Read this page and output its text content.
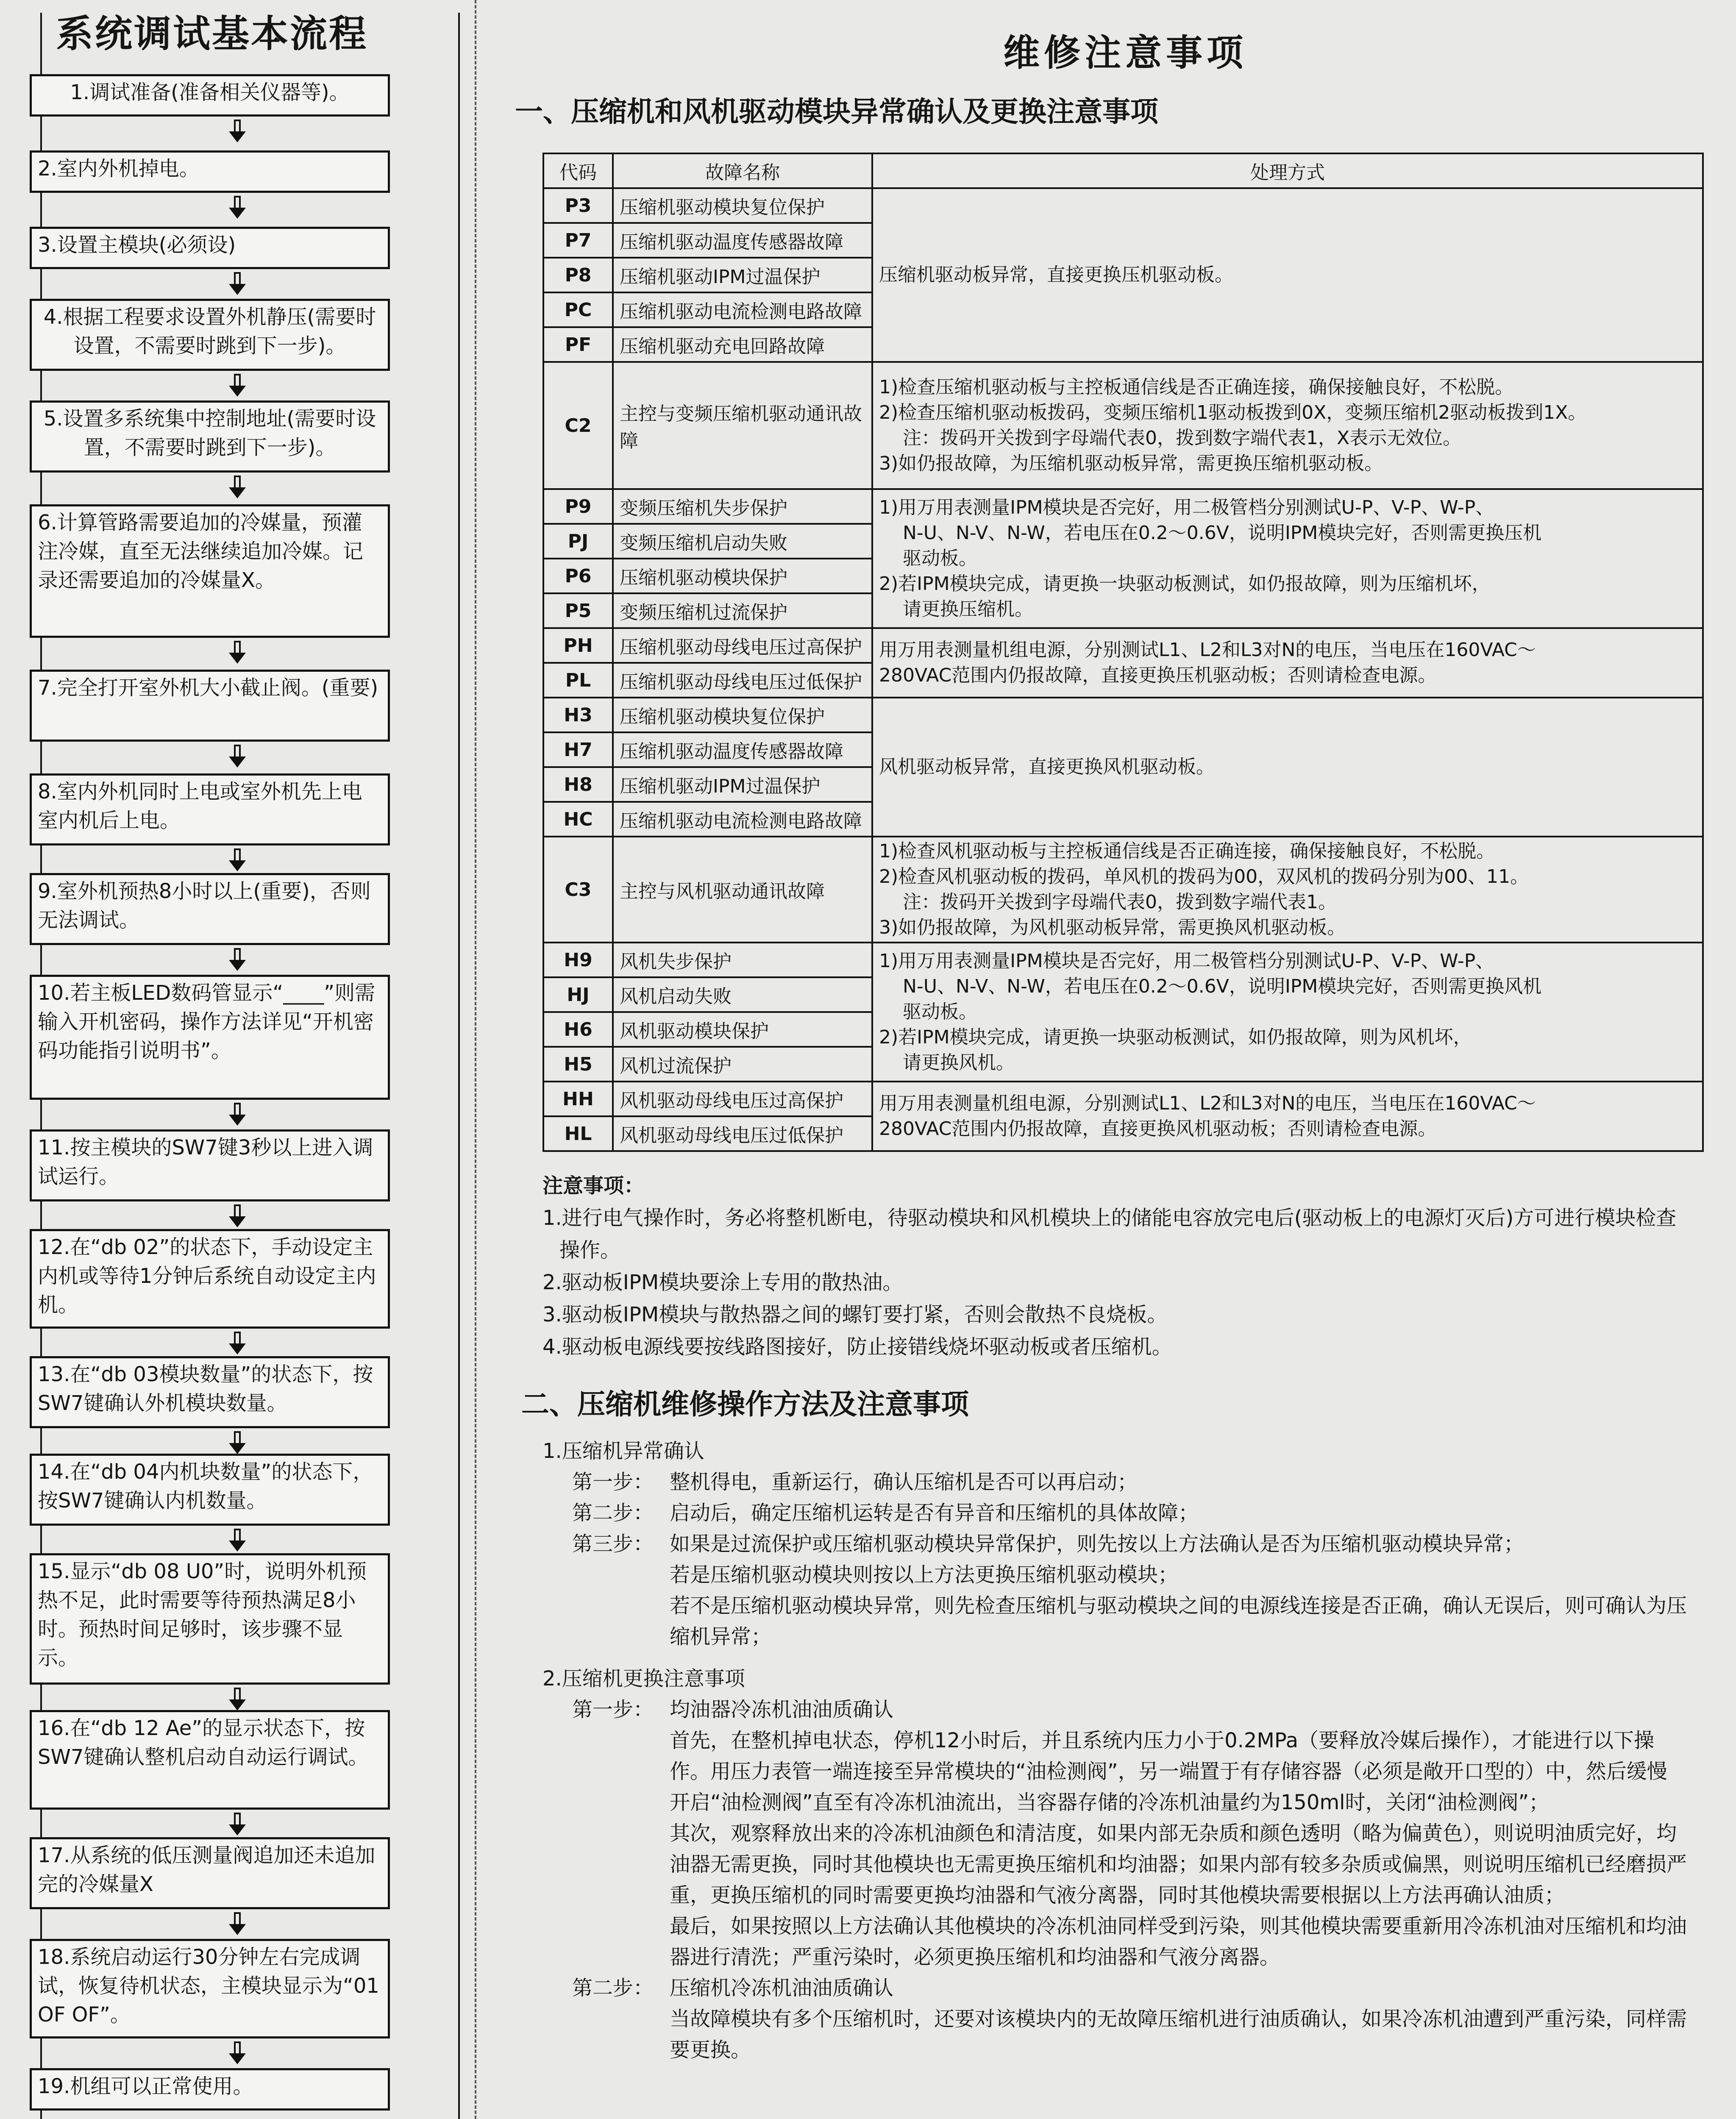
系统调试基本流程
1.调试准备(准备相关仪器等)。
2.室内外机掉电。
3.设置主模块(必须设)
4.根据工程要求设置外机静压(需要时设置，不需要时跳到下一步)。
5.设置多系统集中控制地址(需要时设置，不需要时跳到下一步)。
6.计算管路需要追加的冷媒量，预灌注冷媒，直至无法继续追加冷媒。记录还需要追加的冷媒量X。
7.完全打开室外机大小截止阀。(重要)
8.室内外机同时上电或室外机先上电室内机后上电。
9.室外机预热8小时以上(重要)，否则无法调试。
10.若主板LED数码管显示“____”则需输入开机密码，操作方法详见“开机密码功能指引说明书”。
11.按主模块的SW7键3秒以上进入调试运行。
12.在“db 02”的状态下，手动设定主内机或等待1分钟后系统自动设定主内机。
13.在“db 03模块数量”的状态下，按SW7键确认外机模块数量。
14.在“db 04内机块数量”的状态下，按SW7键确认内机数量。
15.显示“db 08 U0”时，说明外机预热不足，此时需要等待预热满足8小时。预热时间足够时，该步骤不显示。
16.在“db 12 Ae”的显示状态下，按SW7键确认整机启动自动运行调试。
17.从系统的低压测量阀追加还未追加完的冷媒量X
18.系统启动运行30分钟左右完成调试，恢复待机状态，主模块显示为“01 OF OF”。
19.机组可以正常使用。
维修注意事项
一、压缩机和风机驱动模块异常确认及更换注意事项
代码	故障名称	处理方式
P3	压缩机驱动模块复位保护	压缩机驱动板异常，直接更换压机驱动板。
P7	压缩机驱动温度传感器故障	
P8	压缩机驱动IPM过温保护	
PC	压缩机驱动电流检测电路故障	
PF	压缩机驱动充电回路故障	
C2	主控与变频压缩机驱动通讯故障	1)检查压缩机驱动板与主控板通信线是否正确连接，确保接触良好，不松脱。
2)检查压缩机驱动板拨码，变频压缩机1驱动板拨到0X，变频压缩机2驱动板拨到1X。
注：拨码开关拨到字母端代表0，拨到数字端代表1，X表示无效位。
3)如仍报故障，为压缩机驱动板异常，需更换压缩机驱动板。
P9	变频压缩机失步保护	1)用万用表测量IPM模块是否完好，用二极管档分别测试U-P、V-P、W-P、
N-U、N-V、N-W，若电压在0.2～0.6V，说明IPM模块完好，否则需更换压机
驱动板。
2)若IPM模块完成，请更换一块驱动板测试，如仍报故障，则为压缩机坏，
请更换压缩机。
PJ	变频压缩机启动失败	
P6	压缩机驱动模块保护	
P5	变频压缩机过流保护	
PH	压缩机驱动母线电压过高保护	用万用表测量机组电源，分别测试L1、L2和L3对N的电压，当电压在160VAC～
280VAC范围内仍报故障，直接更换压机驱动板；否则请检查电源。
PL	压缩机驱动母线电压过低保护	
H3	压缩机驱动模块复位保护	风机驱动板异常，直接更换风机驱动板。
H7	压缩机驱动温度传感器故障	
H8	压缩机驱动IPM过温保护	
HC	压缩机驱动电流检测电路故障	
C3	主控与风机驱动通讯故障	1)检查风机驱动板与主控板通信线是否正确连接，确保接触良好，不松脱。
2)检查风机驱动板的拨码，单风机的拨码为00，双风机的拨码分别为00、11。
注：拨码开关拨到字母端代表0，拨到数字端代表1。
3)如仍报故障，为风机驱动板异常，需更换风机驱动板。
H9	风机失步保护	1)用万用表测量IPM模块是否完好，用二极管档分别测试U-P、V-P、W-P、
N-U、N-V、N-W，若电压在0.2～0.6V，说明IPM模块完好，否则需更换风机
驱动板。
2)若IPM模块完成，请更换一块驱动板测试，如仍报故障，则为风机坏，
请更换风机。
HJ	风机启动失败	
H6	风机驱动模块保护	
H5	风机过流保护	
HH	风机驱动母线电压过高保护	用万用表测量机组电源，分别测试L1、L2和L3对N的电压，当电压在160VAC～
280VAC范围内仍报故障，直接更换风机驱动板；否则请检查电源。
HL	风机驱动母线电压过低保护	
注意事项：
1.进行电气操作时，务必将整机断电，待驱动模块和风机模块上的储能电容放完电后(驱动板上的电源灯灭后)方可进行模块检查操作。
2.驱动板IPM模块要涂上专用的散热油。
3.驱动板IPM模块与散热器之间的螺钉要打紧，否则会散热不良烧板。
4.驱动板电源线要按线路图接好，防止接错线烧坏驱动板或者压缩机。
二、压缩机维修操作方法及注意事项
1.压缩机异常确认
第一步： 整机得电，重新运行，确认压缩机是否可以再启动；
第二步： 启动后，确定压缩机运转是否有异音和压缩机的具体故障；
第三步： 如果是过流保护或压缩机驱动模块异常保护，则先按以上方法确认是否为压缩机驱动模块异常；
若是压缩机驱动模块则按以上方法更换压缩机驱动模块；
若不是压缩机驱动模块异常，则先检查压缩机与驱动模块之间的电源线连接是否正确，确认无误后，则可确认为压缩机异常；
2.压缩机更换注意事项
第一步： 均油器冷冻机油油质确认
首先，在整机掉电状态，停机12小时后，并且系统内压力小于0.2MPa（要释放冷媒后操作），才能进行以下操作。用压力表管一端连接至异常模块的“油检测阀”，另一端置于有存储容器（必须是敞开口型的）中，然后缓慢开启“油检测阀”直至有冷冻机油流出，当容器存储的冷冻机油量约为150ml时，关闭“油检测阀”；
其次，观察释放出来的冷冻机油颜色和清洁度，如果内部无杂质和颜色透明（略为偏黄色），则说明油质完好，均油器无需更换，同时其他模块也无需更换压缩机和均油器；如果内部有较多杂质或偏黑，则说明压缩机已经磨损严重，更换压缩机的同时需要更换均油器和气液分离器，同时其他模块需要根据以上方法再确认油质；
最后，如果按照以上方法确认其他模块的冷冻机油同样受到污染，则其他模块需要重新用冷冻机油对压缩机和均油器进行清洗；严重污染时，必须更换压缩机和均油器和气液分离器。
第二步： 压缩机冷冻机油油质确认
当故障模块有多个压缩机时，还要对该模块内的无故障压缩机进行油质确认，如果冷冻机油遭到严重污染，同样需要更换。
